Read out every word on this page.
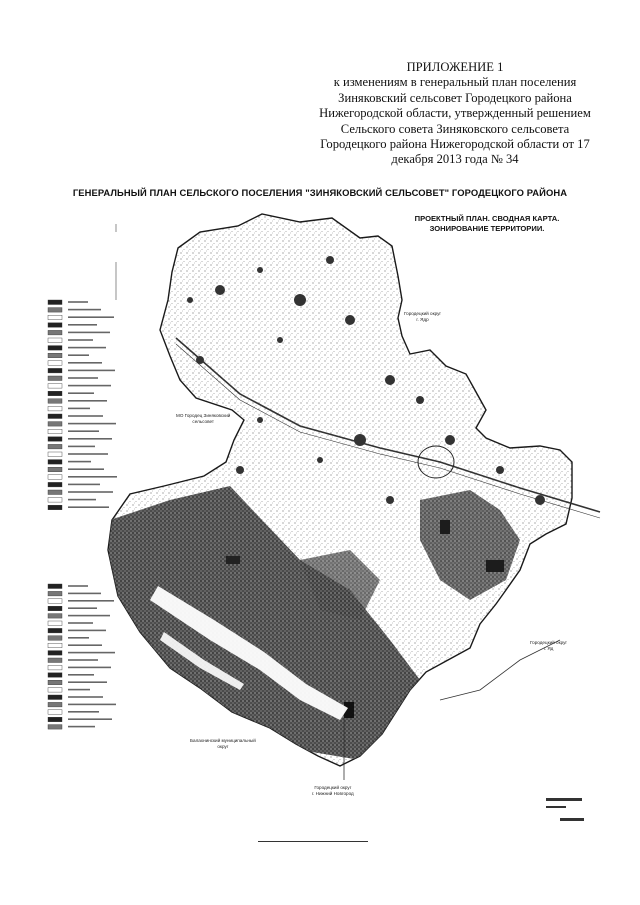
ПРИЛОЖЕНИЕ 1
к изменениям в генеральный план поселения
Зиняковский сельсовет Городецкого района
Нижегородской области, утвержденный решением
Сельского совета Зиняковского сельсовета
Городецкого района Нижегородской области от 17
декабря 2013 года № 34
ГЕНЕРАЛЬНЫЙ ПЛАН СЕЛЬСКОГО ПОСЕЛЕНИЯ "ЗИНЯКОВСКИЙ СЕЛЬСОВЕТ" ГОРОДЕЦКОГО РАЙОНА
ПРОЕКТНЫЙ ПЛАН. СВОДНАЯ КАРТА.
ЗОНИРОВАНИЕ ТЕРРИТОРИИ.
Городецкий округ
г. Ядр
МО Городец Зиняковский
сельсовет
Городецкий округ
г. Яд
Балахнинский муниципальный
округ
Городецкий округ
г. Нижний Новгород
